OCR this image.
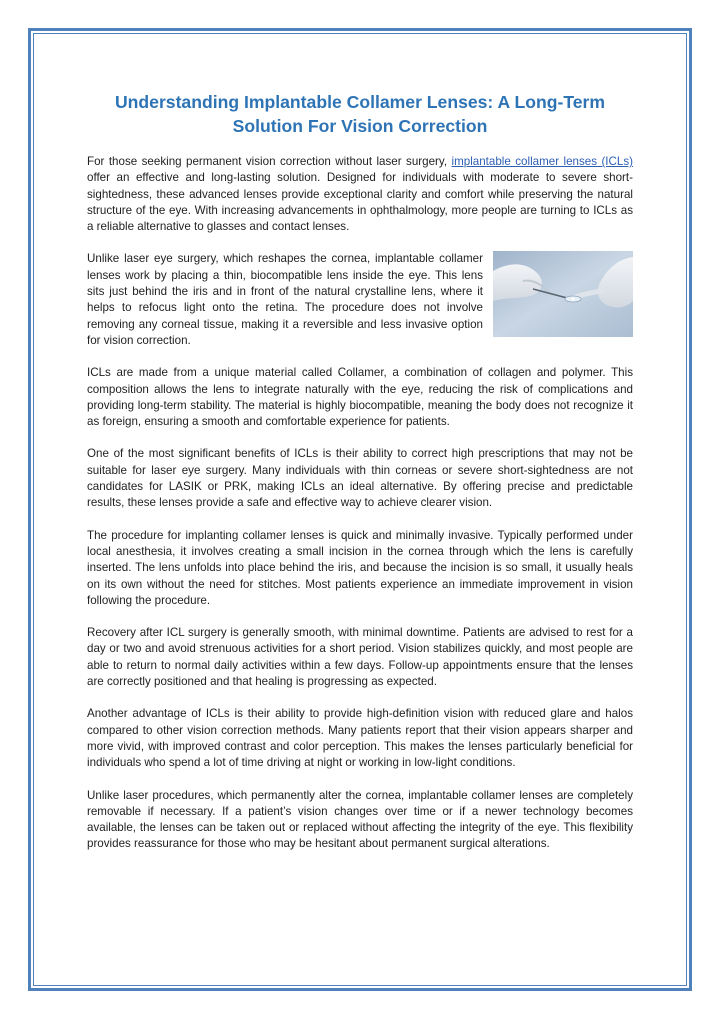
Understanding Implantable Collamer Lenses: A Long-Term Solution For Vision Correction

For those seeking permanent vision correction without laser surgery, implantable collamer lenses (ICLs) offer an effective and long-lasting solution. Designed for individuals with moderate to severe short-sightedness, these advanced lenses provide exceptional clarity and comfort while preserving the natural structure of the eye. With increasing advancements in ophthalmology, more people are turning to ICLs as a reliable alternative to glasses and contact lenses.

Unlike laser eye surgery, which reshapes the cornea, implantable collamer lenses work by placing a thin, biocompatible lens inside the eye. This lens sits just behind the iris and in front of the natural crystalline lens, where it helps to refocus light onto the retina. The procedure does not involve removing any corneal tissue, making it a reversible and less invasive option for vision correction.

ICLs are made from a unique material called Collamer, a combination of collagen and polymer. This composition allows the lens to integrate naturally with the eye, reducing the risk of complications and providing long-term stability. The material is highly biocompatible, meaning the body does not recognize it as foreign, ensuring a smooth and comfortable experience for patients.

One of the most significant benefits of ICLs is their ability to correct high prescriptions that may not be suitable for laser eye surgery. Many individuals with thin corneas or severe short-sightedness are not candidates for LASIK or PRK, making ICLs an ideal alternative. By offering precise and predictable results, these lenses provide a safe and effective way to achieve clearer vision.

The procedure for implanting collamer lenses is quick and minimally invasive. Typically performed under local anesthesia, it involves creating a small incision in the cornea through which the lens is carefully inserted. The lens unfolds into place behind the iris, and because the incision is so small, it usually heals on its own without the need for stitches. Most patients experience an immediate improvement in vision following the procedure.

Recovery after ICL surgery is generally smooth, with minimal downtime. Patients are advised to rest for a day or two and avoid strenuous activities for a short period. Vision stabilizes quickly, and most people are able to return to normal daily activities within a few days. Follow-up appointments ensure that the lenses are correctly positioned and that healing is progressing as expected.

Another advantage of ICLs is their ability to provide high-definition vision with reduced glare and halos compared to other vision correction methods. Many patients report that their vision appears sharper and more vivid, with improved contrast and color perception. This makes the lenses particularly beneficial for individuals who spend a lot of time driving at night or working in low-light conditions.

Unlike laser procedures, which permanently alter the cornea, implantable collamer lenses are completely removable if necessary. If a patient’s vision changes over time or if a newer technology becomes available, the lenses can be taken out or replaced without affecting the integrity of the eye. This flexibility provides reassurance for those who may be hesitant about permanent surgical alterations.
